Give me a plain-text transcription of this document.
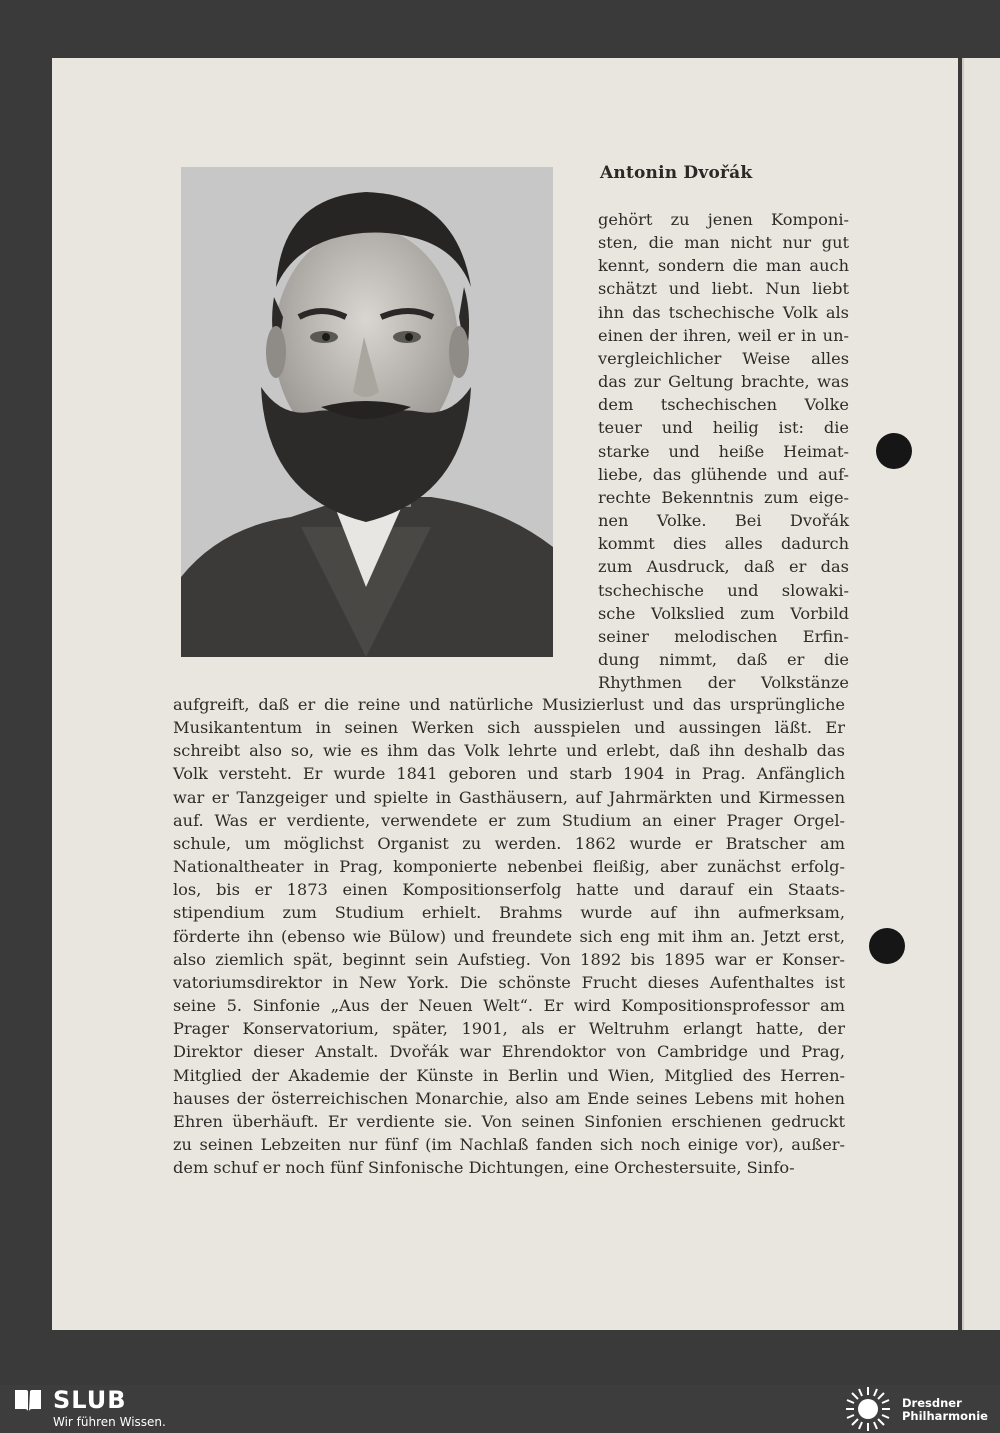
Antonin Dvořák
gehört zu jenen Komponi-
sten, die man nicht nur gut
kennt, sondern die man auch
schätzt und liebt. Nun liebt
ihn das tschechische Volk als
einen der ihren, weil er in un-
vergleichlicher Weise alles
das zur Geltung brachte, was
dem tschechischen Volke
teuer und heilig ist: die
starke und heiße Heimat-
liebe, das glühende und auf-
rechte Bekenntnis zum eige-
nen Volke. Bei Dvořák
kommt dies alles dadurch
zum Ausdruck, daß er das
tschechische und slowaki-
sche Volkslied zum Vorbild
seiner melodischen Erfin-
dung nimmt, daß er die
Rhythmen der Volkstänze
aufgreift, daß er die reine und natürliche Musizierlust und das ursprüngliche
Musikantentum in seinen Werken sich ausspielen und aussingen läßt. Er
schreibt also so, wie es ihm das Volk lehrte und erlebt, daß ihn deshalb das
Volk versteht. Er wurde 1841 geboren und starb 1904 in Prag. Anfänglich
war er Tanzgeiger und spielte in Gasthäusern, auf Jahrmärkten und Kirmessen
auf. Was er verdiente, verwendete er zum Studium an einer Prager Orgel-
schule, um möglichst Organist zu werden. 1862 wurde er Bratscher am
Nationaltheater in Prag, komponierte nebenbei fleißig, aber zunächst erfolg-
los, bis er 1873 einen Kompositionserfolg hatte und darauf ein Staats-
stipendium zum Studium erhielt. Brahms wurde auf ihn aufmerksam,
förderte ihn (ebenso wie Bülow) und freundete sich eng mit ihm an. Jetzt erst,
also ziemlich spät, beginnt sein Aufstieg. Von 1892 bis 1895 war er Konser-
vatoriumsdirektor in New York. Die schönste Frucht dieses Aufenthaltes ist
seine 5. Sinfonie „Aus der Neuen Welt“. Er wird Kompositionsprofessor am
Prager Konservatorium, später, 1901, als er Weltruhm erlangt hatte, der
Direktor dieser Anstalt. Dvořák war Ehrendoktor von Cambridge und Prag,
Mitglied der Akademie der Künste in Berlin und Wien, Mitglied des Herren-
hauses der österreichischen Monarchie, also am Ende seines Lebens mit hohen
Ehren überhäuft. Er verdiente sie. Von seinen Sinfonien erschienen gedruckt
zu seinen Lebzeiten nur fünf (im Nachlaß fanden sich noch einige vor), außer-
dem schuf er noch fünf Sinfonische Dichtungen, eine Orchestersuite, Sinfo-
SLUB
Wir führen Wissen.
Dresdner
Philharmonie
